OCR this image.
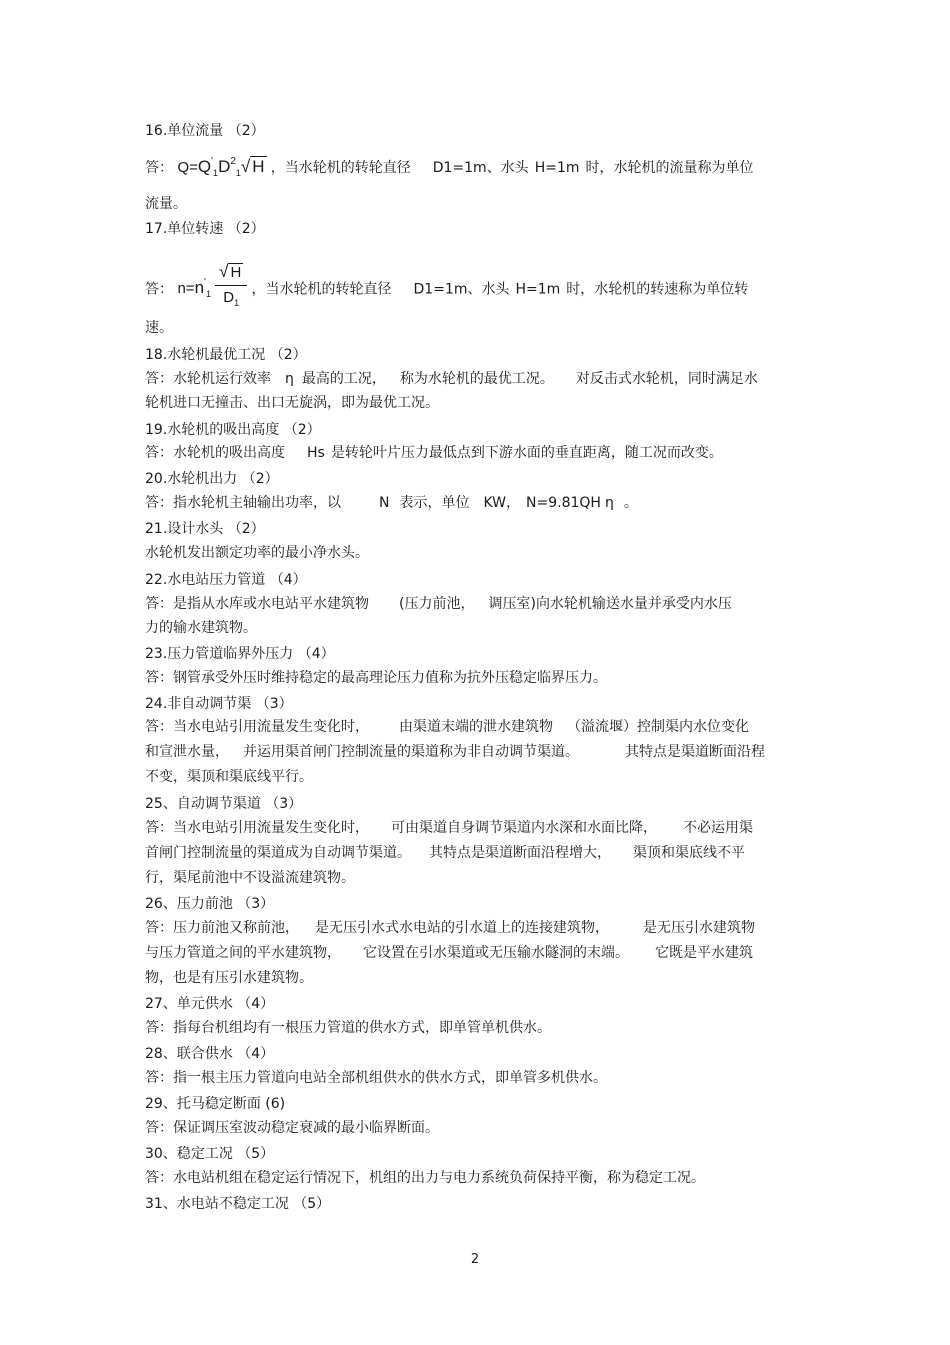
16.单位流量 （2）
答： $Q=Q'_1D^2_1√$ H ，当水轮机的转轮直径 D1=1m、水头 H=1m 时，水轮机的流量称为单位
流量。
17.单位转速 （2）
答： $n=n'_1 \frac{√ H}{D_1}$ ，当水轮机的转轮直径 D1=1m、水头 H=1m 时，水轮机的转速称为单位转
速。
18.水轮机最优工况 （2）
答：水轮机运行效率 η 最高的工况， 称为水轮机的最优工况。 对反击式水轮机，同时满足水
轮机进口无撞击、出口无旋涡，即为最优工况。
19.水轮机的吸出高度 （2）
答：水轮机的吸出高度 Hs 是转轮叶片压力最低点到下游水面的垂直距离，随工况而改变。
20.水轮机出力 （2）
答：指水轮机主轴输出功率，以	N 表示，单位 KW， N=9.81QH η 。
21.设计水头 （2）
水轮机发出额定功率的最小净水头。
22.水电站压力管道 （4）
答：是指从水库或水电站平水建筑物 (压力前池， 调压室)向水轮机输送水量并承受内水压
力的输水建筑物。
23.压力管道临界外压力 （4）
答：钢管承受外压时维持稳定的最高理论压力值称为抗外压稳定临界压力。
24.非自动调节渠 （3）
答：当水电站引用流量发生变化时， 由渠道末端的泄水建筑物 （溢流堰）控制渠内水位变化
和宣泄水量， 并运用渠首闸门控制流量的渠道称为非自动调节渠道。	其特点是渠道断面沿程
不变，渠顶和渠底线平行。
25、自动调节渠道 （3）
答：当水电站引用流量发生变化时， 可由渠道自身调节渠道内水深和水面比降， 不必运用渠
首闸门控制流量的渠道成为自动调节渠道。 其特点是渠道断面沿程增大， 渠顶和渠底线不平
行，渠尾前池中不设溢流建筑物。
26、压力前池 （3）
答：压力前池又称前池， 是无压引水式水电站的引水道上的连接建筑物， 是无压引水建筑物
与压力管道之间的平水建筑物， 它设置在引水渠道或无压输水隧洞的末端。 它既是平水建筑
物，也是有压引水建筑物。
27、单元供水 （4）
答：指每台机组均有一根压力管道的供水方式，即单管单机供水。
28、联合供水 （4）
答：指一根主压力管道向电站全部机组供水的供水方式，即单管多机供水。
29、托马稳定断面 (6)
答：保证调压室波动稳定衰减的最小临界断面。
30、稳定工况 （5）
答：水电站机组在稳定运行情况下，机组的出力与电力系统负荷保持平衡，称为稳定工况。
31、水电站不稳定工况 （5）
2
